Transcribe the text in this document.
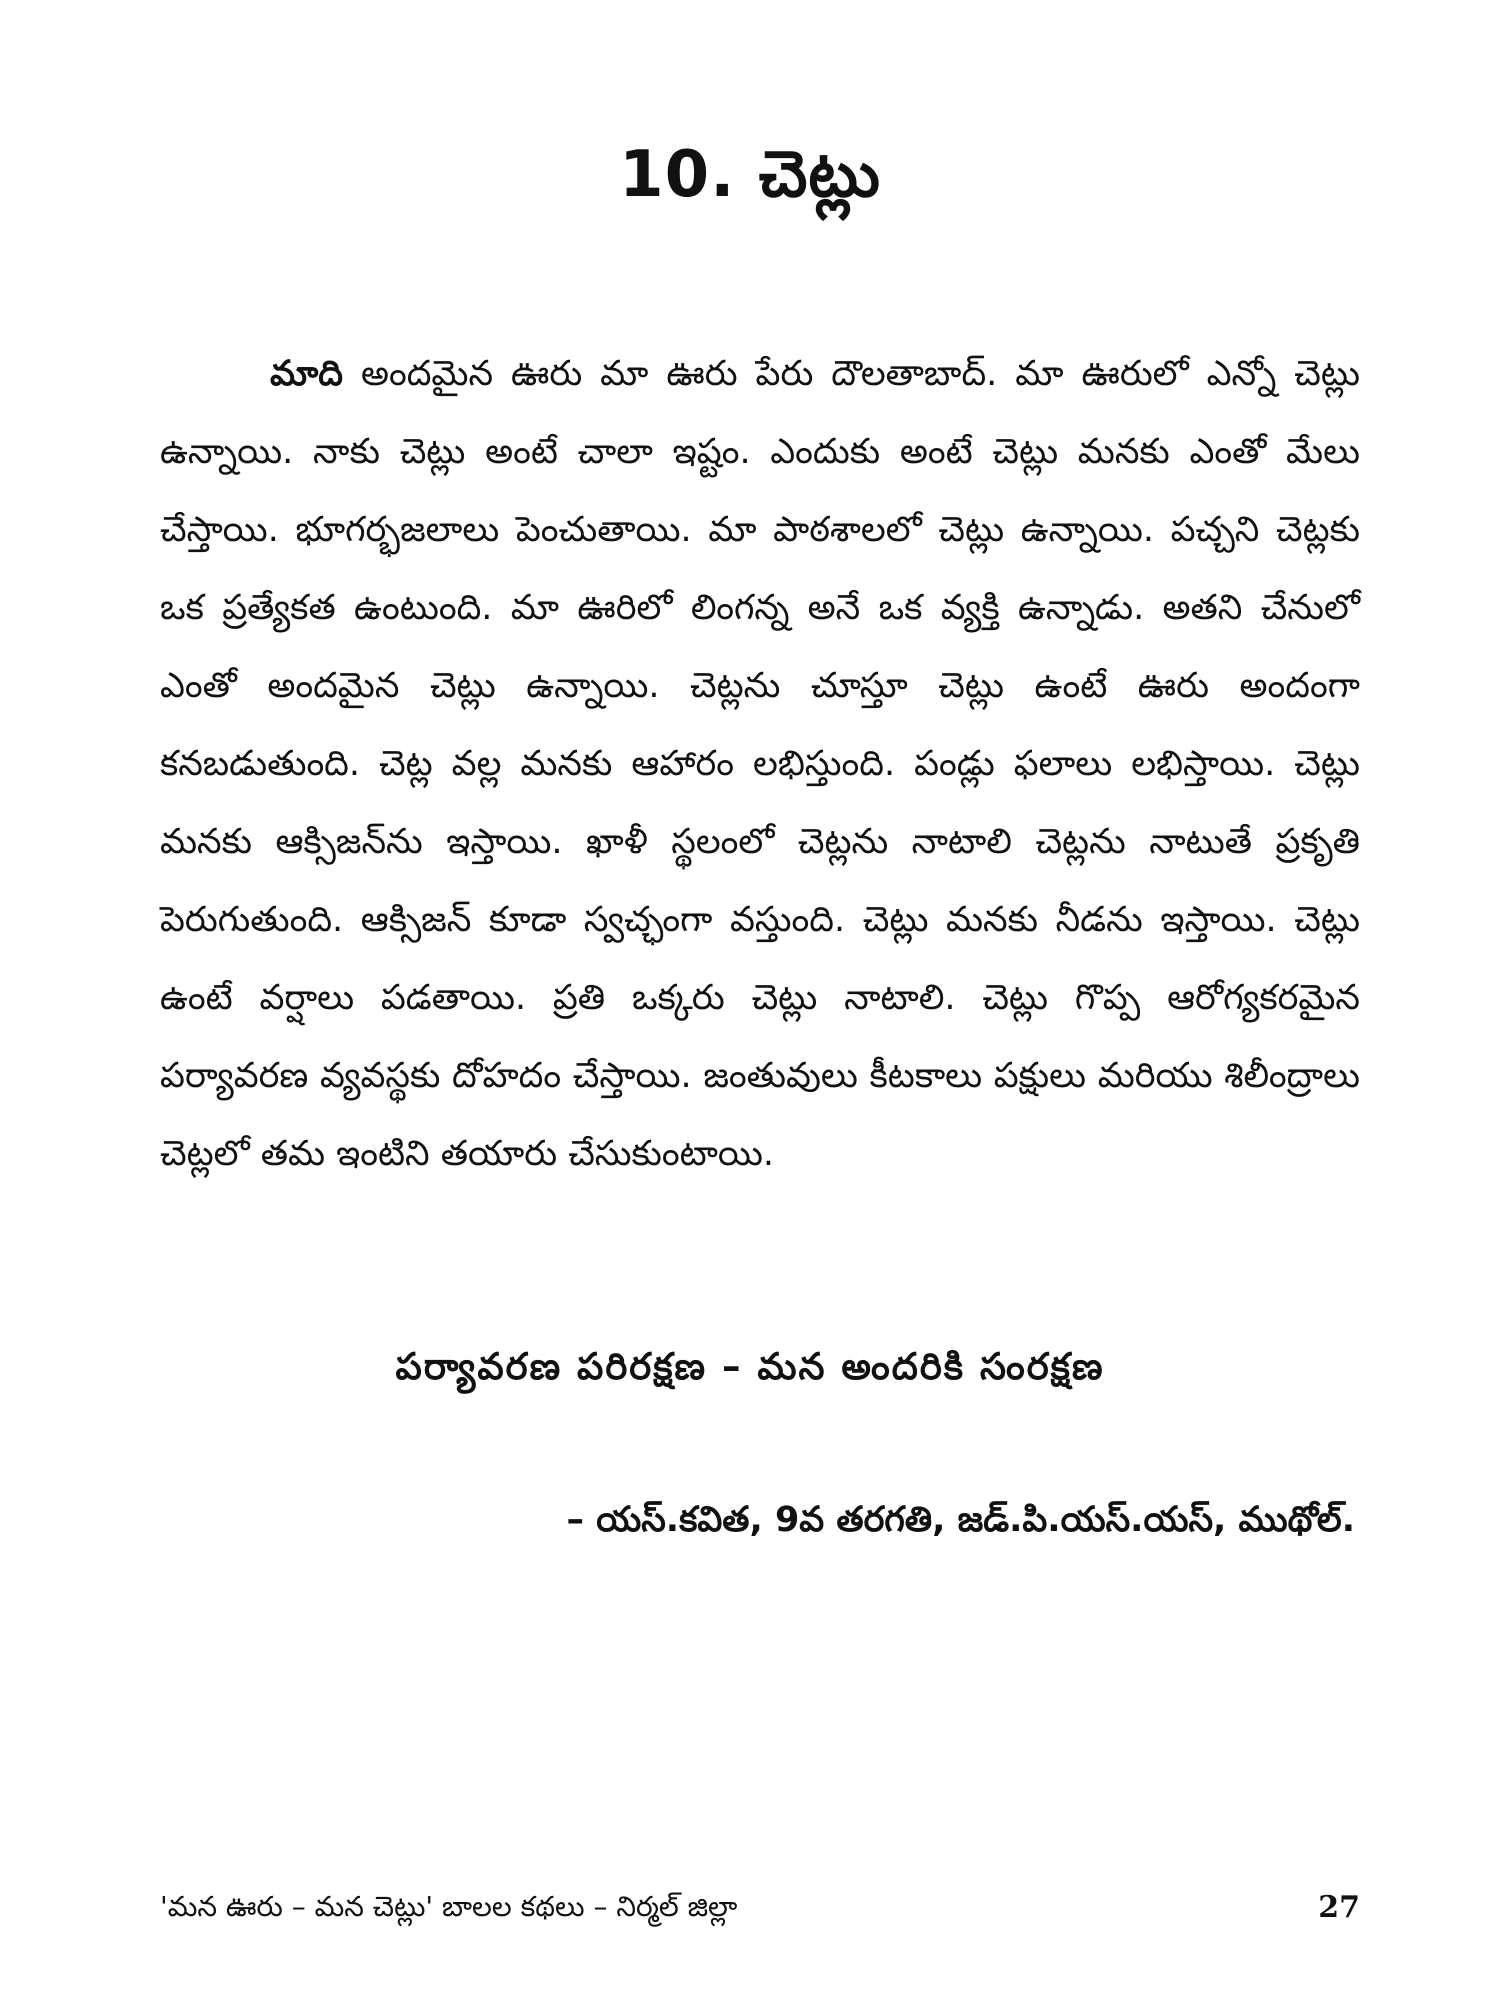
10. చెట్లు

మాది అందమైన ఊరు మా ఊరు పేరు దౌలతాబాద్. మా ఊరులో ఎన్నో చెట్లు ఉన్నాయి. నాకు చెట్లు అంటే చాలా ఇష్టం. ఎందుకు అంటే చెట్లు మనకు ఎంతో మేలు చేస్తాయి. భూగర్భజలాలు పెంచుతాయి. మా పాఠశాలలో చెట్లు ఉన్నాయి. పచ్చని చెట్లకు ఒక ప్రత్యేకత ఉంటుంది. మా ఊరిలో లింగన్న అనే ఒక వ్యక్తి ఉన్నాడు. అతని చేనులో ఎంతో అందమైన చెట్లు ఉన్నాయి. చెట్లను చూస్తూ చెట్లు ఉంటే ఊరు అందంగా కనబడుతుంది. చెట్ల వల్ల మనకు ఆహారం లభిస్తుంది. పండ్లు ఫలాలు లభిస్తాయి. చెట్లు మనకు ఆక్సిజన్‌ను ఇస్తాయి. ఖాళీ స్థలంలో చెట్లను నాటాలి చెట్లను నాటుతే ప్రకృతి పెరుగుతుంది. ఆక్సిజన్ కూడా స్వచ్ఛంగా వస్తుంది. చెట్లు మనకు నీడను ఇస్తాయి. చెట్లు ఉంటే వర్షాలు పడతాయి. ప్రతి ఒక్కరు చెట్లు నాటాలి. చెట్లు గొప్ప ఆరోగ్యకరమైన పర్యావరణ వ్యవస్థకు దోహదం చేస్తాయి. జంతువులు కీటకాలు పక్షులు మరియు శిలీంద్రాలు చెట్లలో తమ ఇంటిని తయారు చేసుకుంటాయి.

పర్యావరణ పరిరక్షణ – మన అందరికి సంరక్షణ
– యస్.కవిత, 9వ తరగతి, జడ్.పి.యస్.యస్, ముథోల్.
'మన ఊరు – మన చెట్లు' బాలల కథలు – నిర్మల్ జిల్లా	27
